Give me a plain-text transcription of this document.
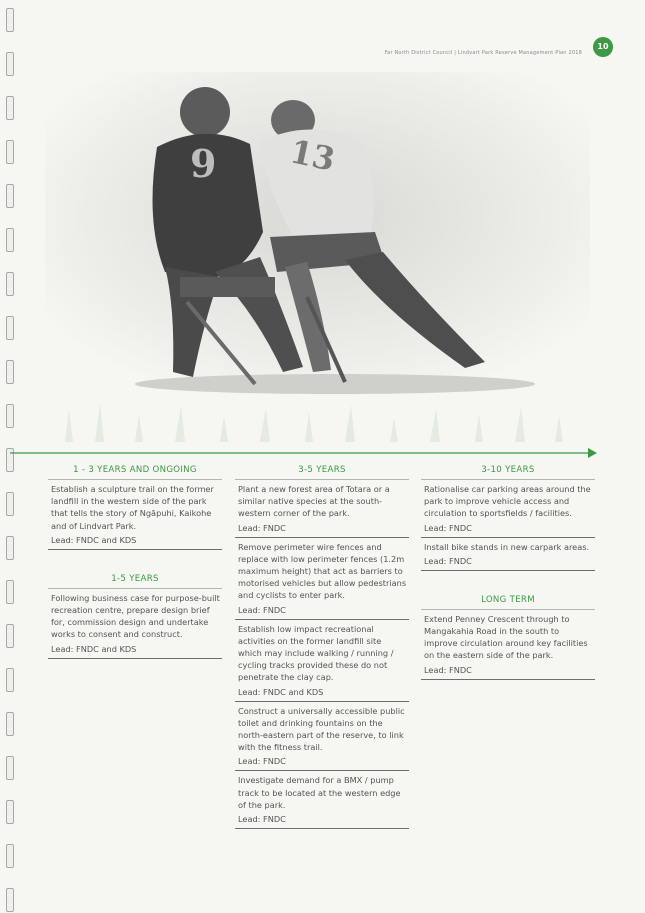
Far North District Council | Lindvart Park Reserve Management Plan 2018
10
9 13
1 - 3 YEARS AND ONGOING
Establish a sculpture trail on the former landfill in the western side of the park that tells the story of Ngāpuhi, Kaikohe and of Lindvart Park.
Lead: FNDC and KDS
1-5 YEARS
Following business case for purpose-built recreation centre, prepare design brief for, commission design and undertake works to consent and construct.
Lead: FNDC and KDS
3-5 YEARS
Plant a new forest area of Totara or a similar native species at the south-western corner of the park.
Lead: FNDC
Remove perimeter wire fences and replace with low perimeter fences (1.2m maximum height) that act as barriers to motorised vehicles but allow pedestrians and cyclists to enter park.
Lead: FNDC
Establish low impact recreational activities on the former landfill site which may include walking / running / cycling tracks provided these do not penetrate the clay cap.
Lead: FNDC and KDS
Construct a universally accessible public toilet and drinking fountains on the north-eastern part of the reserve, to link with the fitness trail.
Lead: FNDC
Investigate demand for a BMX / pump track to be located at the western edge of the park.
Lead: FNDC
3-10 YEARS
Rationalise car parking areas around the park to improve vehicle access and circulation to sportsfields / facilities.
Lead: FNDC
Install bike stands in new carpark areas.
Lead: FNDC
LONG TERM
Extend Penney Crescent through to Mangakahia Road in the south to improve circulation around key facilities on the eastern side of the park.
Lead: FNDC
